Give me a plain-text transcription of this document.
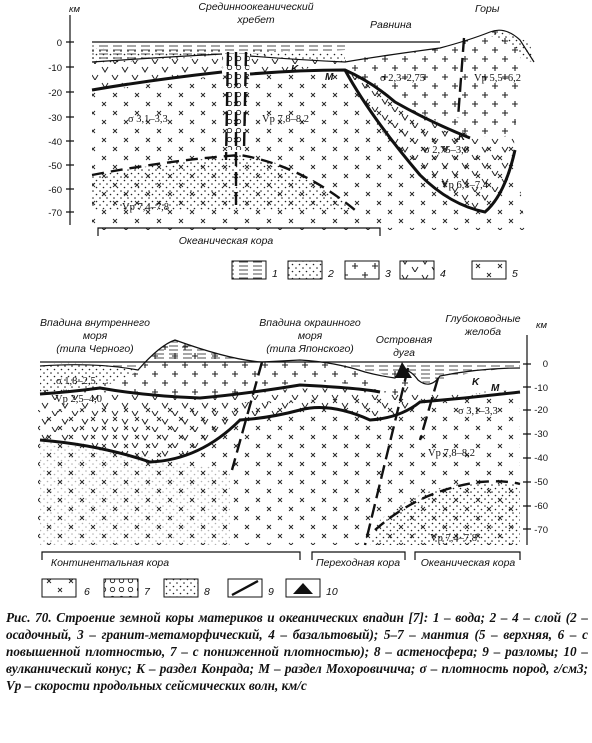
км
0
-10
-20
-30
-40
-50
-60
-70
Срединноокеанический
хребет	Равнина
Горы
σ 3,1–3,3	Vp 7,8–8,2
σ 2,3–2,75	Vp 5,5–6,2
σ 2,75–3,0
Vp 6,1–7,4
Vp 7,4–7,8
K
M
K
Океаническая кора
1	2	3	4	5
км
0
-10
-20
-30
-40
-50
-60
-70
Впадина внутреннего
моря
(типа Черного)
Впадина окраинного
моря
(типа Японского)
Островная
дуга
Глубоководные
желоба
σ 1,8–2,5
Vp 2,5–4,0
σ 3,1–3,3
Vp 7,8–8,2
Vp 7,4–7,8
K
M
Континентальная кора	Переходная кора Океаническая кора
6	7	8	9	10
Рис. 70. Строение земной коры материков и океанических впадин [7]: 1 – вода; 2 – 4 – слой (2 – осадочный, 3 – гранит-метаморфический, 4 – базальтовый); 5–7 – мантия (5 – верхняя, 6 – с повышенной плотностью, 7 – с пониженной плотностью); 8 – астеносфера; 9 – разломы; 10 – вулканический конус; K – раздел Конрада; M – раздел Мохоровичича; σ – плотность пород, г/см3; Vp – скорости продольных сейсмических волн, км/с
